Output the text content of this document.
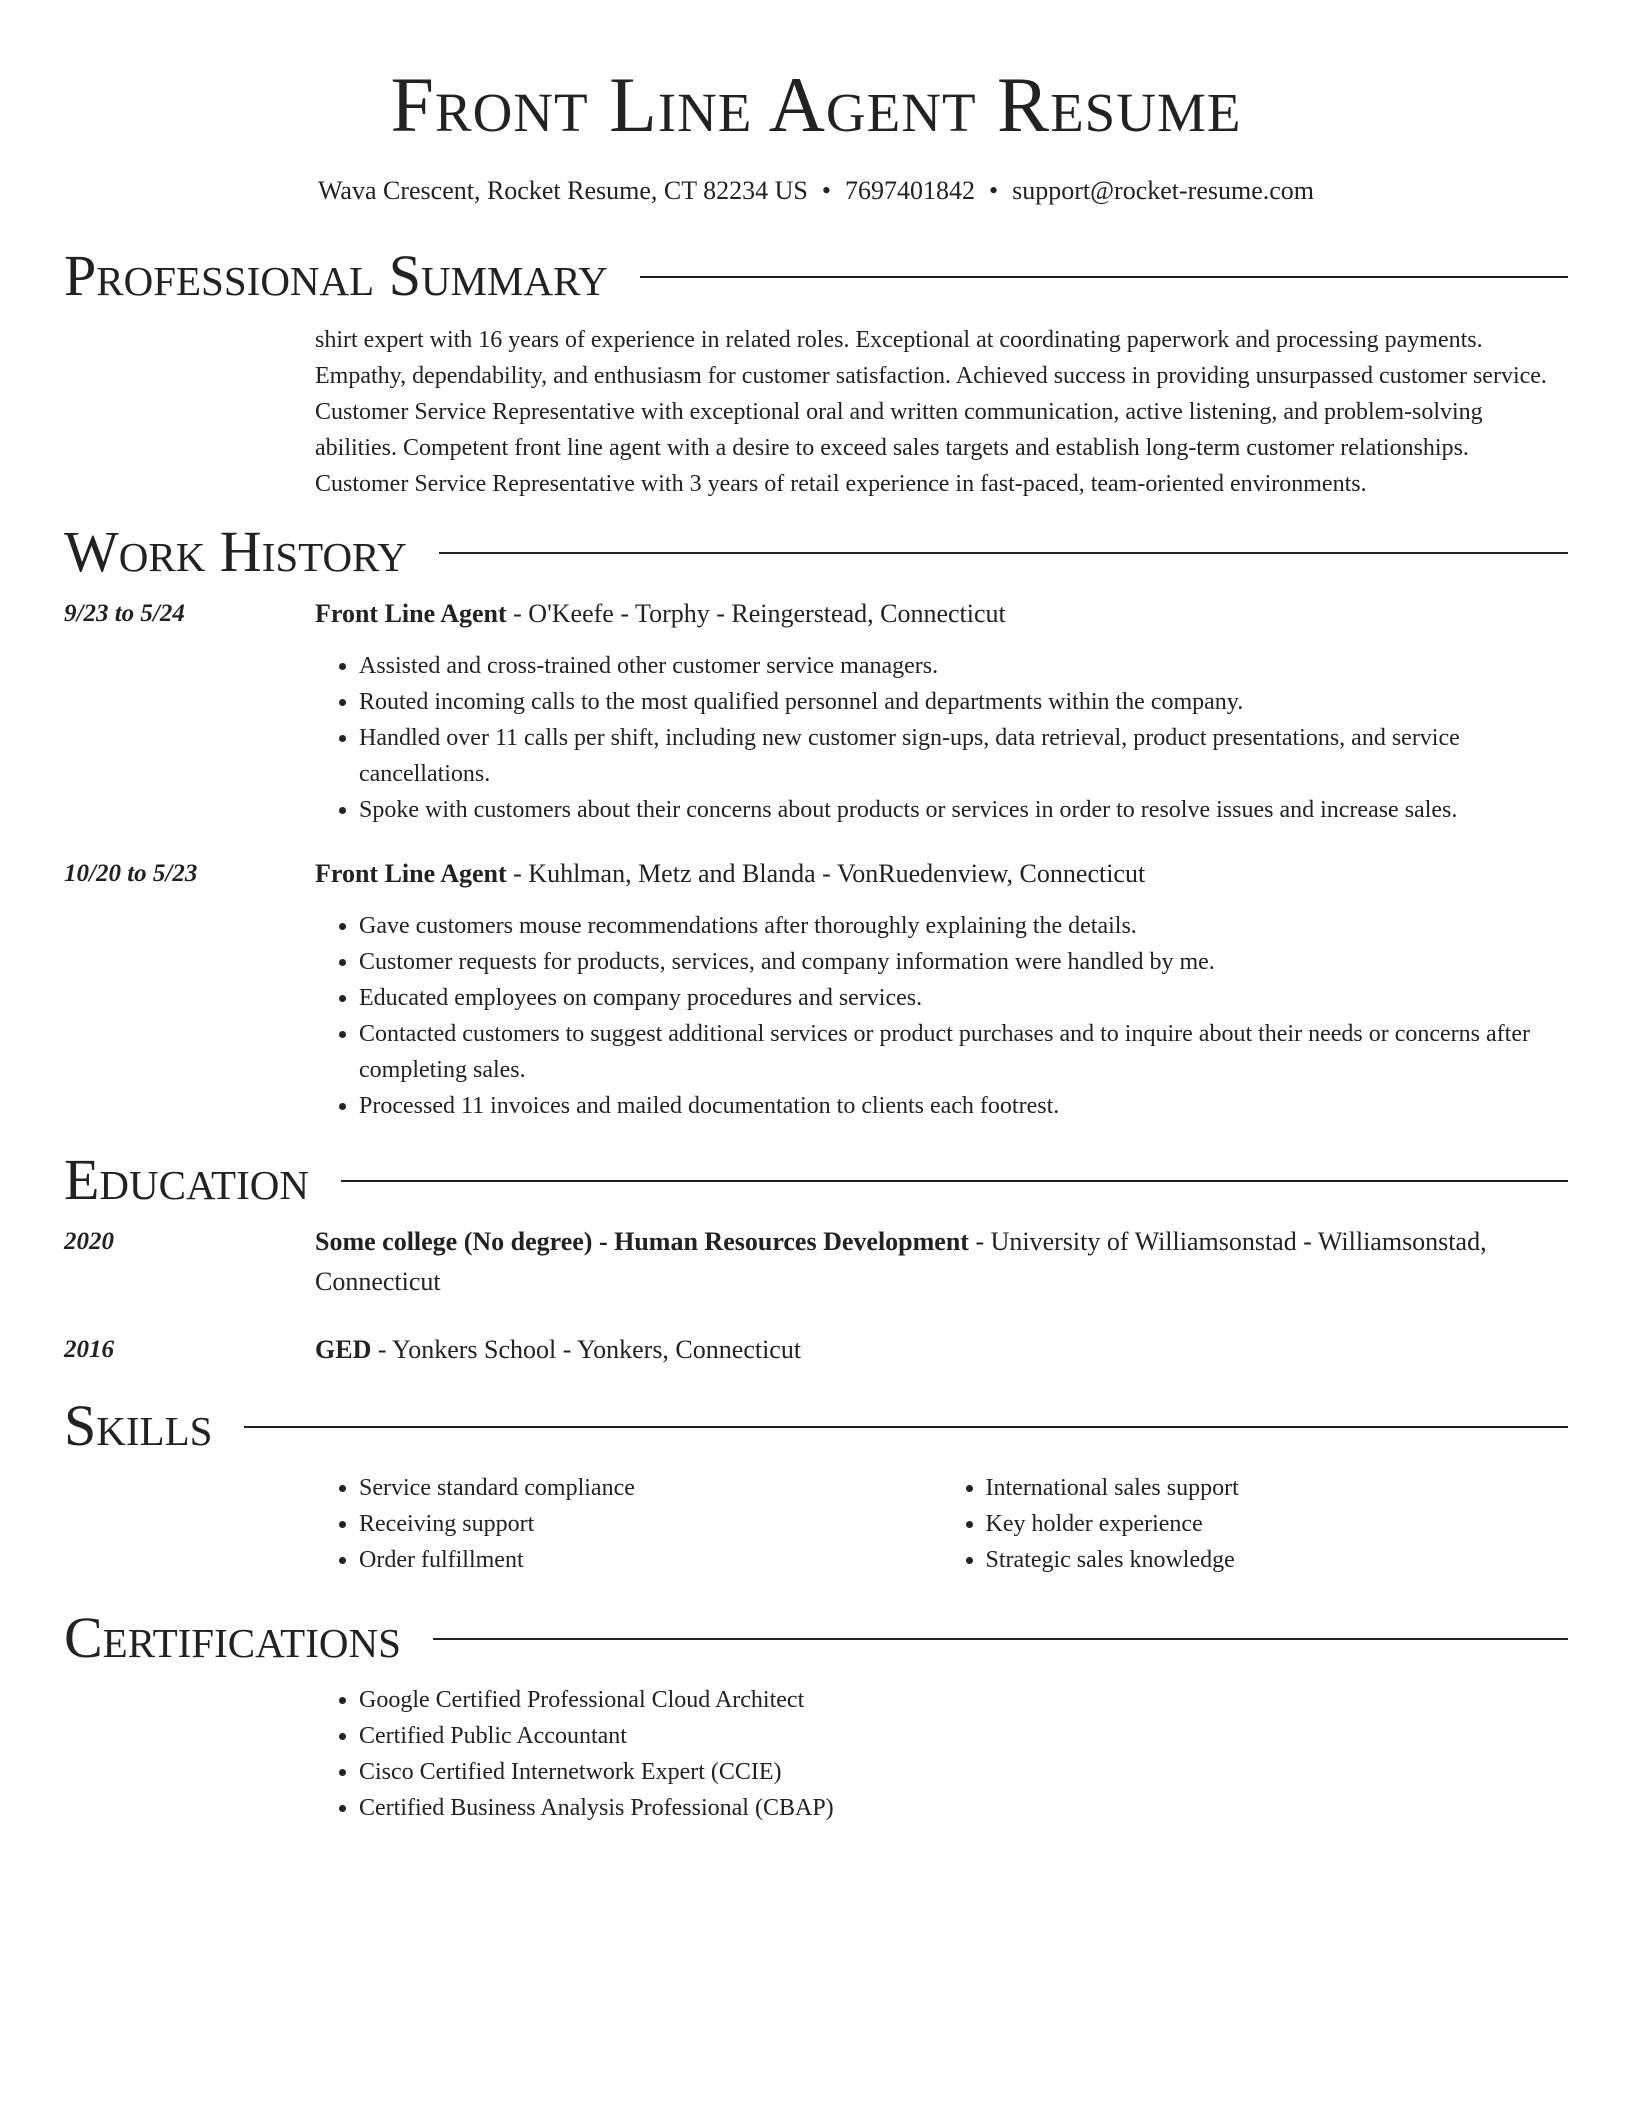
Front Line Agent Resume
Wava Crescent, Rocket Resume, CT 82234 US • 7697401842 • support@rocket-resume.com
Professional Summary
shirt expert with 16 years of experience in related roles. Exceptional at coordinating paperwork and processing payments. Empathy, dependability, and enthusiasm for customer satisfaction. Achieved success in providing unsurpassed customer service. Customer Service Representative with exceptional oral and written communication, active listening, and problem-solving abilities. Competent front line agent with a desire to exceed sales targets and establish long-term customer relationships. Customer Service Representative with 3 years of retail experience in fast-paced, team-oriented environments.
Work History
9/23 to 5/24	Front Line Agent - O'Keefe - Torphy - Reingerstead, Connecticut
• Assisted and cross-trained other customer service managers.
• Routed incoming calls to the most qualified personnel and departments within the company.
• Handled over 11 calls per shift, including new customer sign-ups, data retrieval, product presentations, and service cancellations.
• Spoke with customers about their concerns about products or services in order to resolve issues and increase sales.
10/20 to 5/23	Front Line Agent - Kuhlman, Metz and Blanda - VonRuedenview, Connecticut
• Gave customers mouse recommendations after thoroughly explaining the details.
• Customer requests for products, services, and company information were handled by me.
• Educated employees on company procedures and services.
• Contacted customers to suggest additional services or product purchases and to inquire about their needs or concerns after completing sales.
• Processed 11 invoices and mailed documentation to clients each footrest.
Education
2020	Some college (No degree) - Human Resources Development - University of Williamsonstad - Williamsonstad, Connecticut
2016	GED - Yonkers School - Yonkers, Connecticut
Skills
• Service standard compliance
• Receiving support
• Order fulfillment
• International sales support
• Key holder experience
• Strategic sales knowledge
Certifications
• Google Certified Professional Cloud Architect
• Certified Public Accountant
• Cisco Certified Internetwork Expert (CCIE)
• Certified Business Analysis Professional (CBAP)
